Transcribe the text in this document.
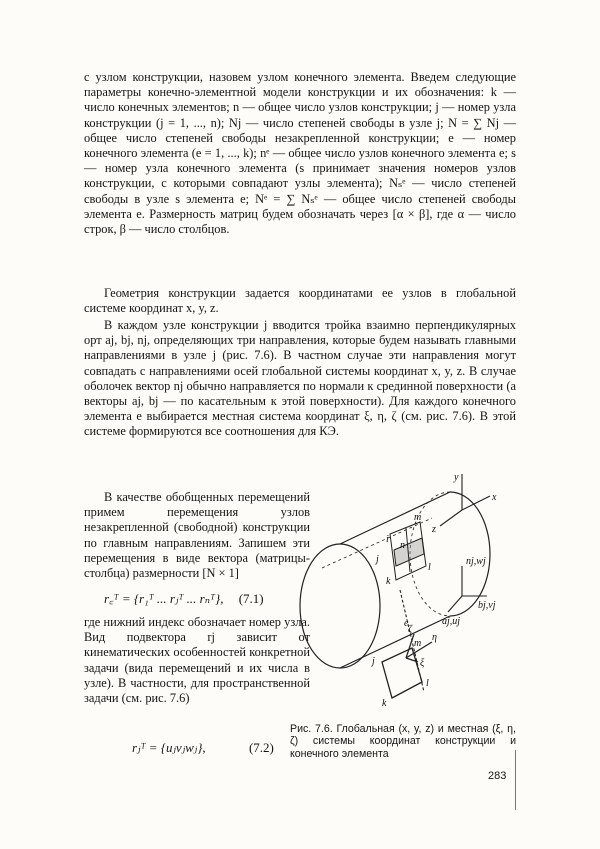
с узлом конструкции, назовем узлом конечного элемента. Введем следующие параметры конечно-элементной модели конструкции и их обозначения: k — число конечных элементов; n — общее число узлов конструкции; j — номер узла конструкции (j = 1, ..., n); Nj — число степеней свободы в узле j; N = ∑ Nj — общее число степеней свободы незакрепленной конструкции; e — номер конечного элемента (e = 1, ..., k); nᵉ — общее число узлов конечного элемента e; s — номер узла конечного элемента (s принимает значения номеров узлов конструкции, с которыми совпадают узлы элемента); Nₛᵉ — число степеней свободы в узле s элемента e; Nᵉ = ∑ Nₛᵉ — общее число степеней свободы элемента e. Размерность матриц будем обозначать через [α × β], где α — число строк, β — число столбцов.
Геометрия конструкции задается координатами ее узлов в глобальной системе координат x, y, z.
В каждом узле конструкции j вводится тройка взаимно перпендикулярных орт aj, bj, nj, определяющих три направления, которые будем называть главными направлениями в узле j (рис. 7.6). В частном случае эти направления могут совпадать с направлениями осей глобальной системы координат x, y, z. В случае оболочек вектор nj обычно направляется по нормали к срединной поверхности (а векторы aj, bj — по касательным к этой поверхности). Для каждого конечного элемента e выбирается местная система координат ξ, η, ζ (см. рис. 7.6). В этой системе формируются все соотношения для КЭ.
В качестве обобщенных перемещений примем перемещения узлов незакрепленной (свободной) конструкции по главным направлениям. Запишем эти перемещения в виде вектора (матрицы-столбца) размерности [N × 1]
r꜀ᵀ = {r₁ᵀ ... rⱼᵀ ... rₙᵀ}, (7.1)
где нижний индекс обозначает номер узла. Вид подвектора rj зависит от кинематических особенностей конкретной задачи (вида перемещений и их числа в узле). В частности, для пространственной задачи (см. рис. 7.6)
rⱼᵀ = {uⱼvⱼwⱼ},	(7.2)
y
x
z
m
i
n
k
l
j	nj,wj
bj,vj
aj,uj
e
ζ
η
ξ
m
j
k
l
Рис. 7.6. Глобальная (x, y, z) и местная (ξ, η, ζ) системы координат конструкции и конечного элемента
283
